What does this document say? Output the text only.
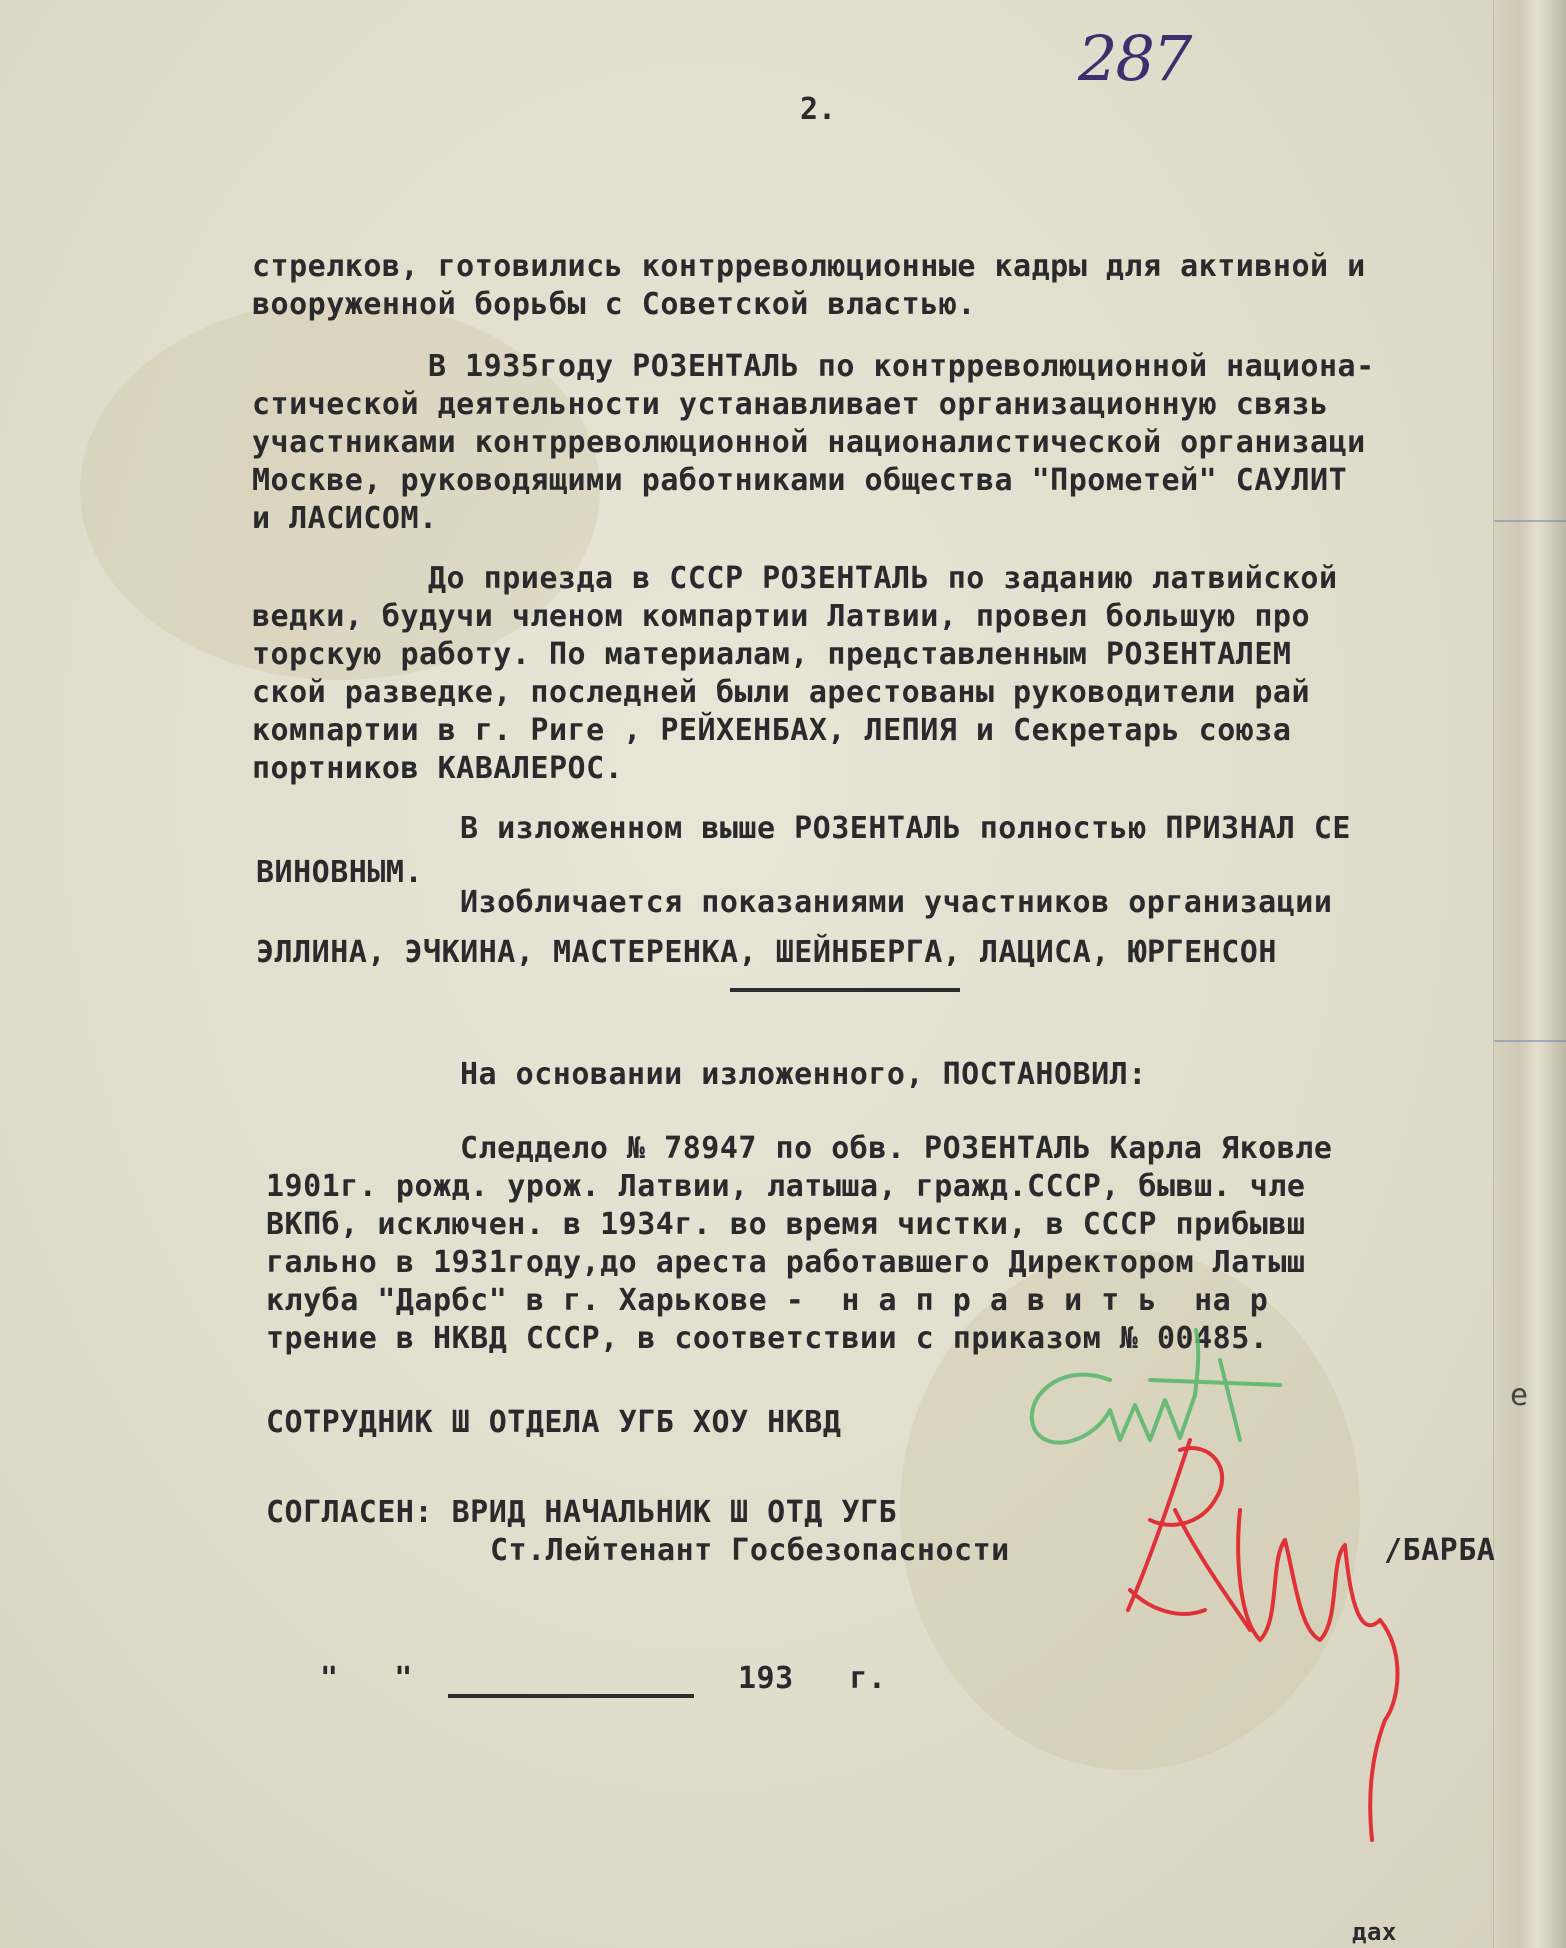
287
2.
стрелков, готовились контрреволюционные кадры для активной и
вооруженной борьбы с Советской властью.
В 1935году РОЗЕНТАЛЬ по контрреволюционной национа-
стической деятельности устанавливает организационную связь
участниками контрреволюционной националистической организаци
Москве, руководящими работниками общества "Прометей" САУЛИТ
и ЛАСИСОМ.
До приезда в СССР РОЗЕНТАЛЬ по заданию латвийской
ведки, будучи членом компартии Латвии, провел большую про
торскую работу. По материалам, представленным РОЗЕНТАЛЕМ
ской разведке, последней были арестованы руководители рай
компартии в г. Риге , РЕЙХЕНБАХ, ЛЕПИЯ и Секретарь союза
портников КАВАЛЕРОС.
В изложенном выше РОЗЕНТАЛЬ полностью ПРИЗНАЛ СЕ
ВИНОВНЫМ.
Изобличается показаниями участников организации
ЭЛЛИНА, ЭЧКИНА, МАСТЕРЕНКА, ШЕЙНБЕРГА, ЛАЦИСА, ЮРГЕНСОН
На основании изложенного, ПОСТАНОВИЛ:
Следдело № 78947 по обв. РОЗЕНТАЛЬ Карла Яковле
1901г. рожд. урож. Латвии, латыша, гражд.СССР, бывш. чле
ВКПб, исключен. в 1934г. во время чистки, в СССР прибывш
гально в 1931году,до ареста работавшего Директором Латыш
клуба "Дарбс" в г. Харькове -  н а п р а в и т ь  на р
трение в НКВД СССР, в соответствии с приказом № 00485.
СОТРУДНИК Ш ОТДЕЛА УГБ ХОУ НКВД
СОГЛАСЕН: ВРИД НАЧАЛЬНИК Ш ОТД УГБ
Ст.Лейтенант Госбезопасности	/БАРБА
е
"   "	193   г.
дах
